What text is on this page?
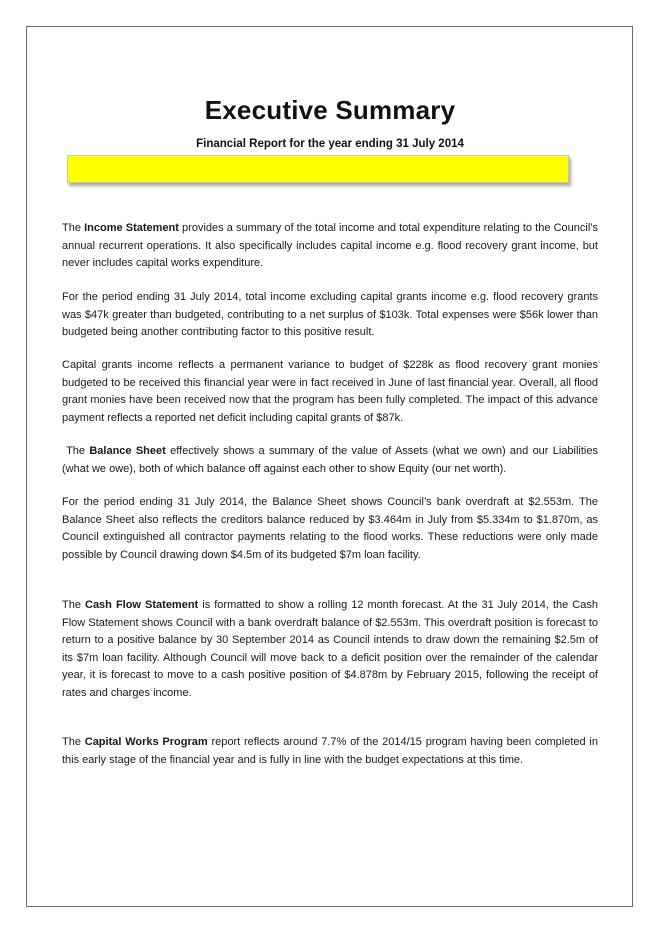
Executive Summary
Financial Report for the year ending 31 July 2014

The Income Statement provides a summary of the total income and total expenditure relating to the Council’s annual recurrent operations. It also specifically includes capital income e.g. flood recovery grant income, but never includes capital works expenditure.

For the period ending 31 July 2014, total income excluding capital grants income e.g. flood recovery grants was $47k greater than budgeted, contributing to a net surplus of $103k. Total expenses were $56k lower than budgeted being another contributing factor to this positive result.

Capital grants income reflects a permanent variance to budget of $228k as flood recovery grant monies budgeted to be received this financial year were in fact received in June of last financial year. Overall, all flood grant monies have been received now that the program has been fully completed. The impact of this advance payment reflects a reported net deficit including capital grants of $87k.

The Balance Sheet effectively shows a summary of the value of Assets (what we own) and our Liabilities (what we owe), both of which balance off against each other to show Equity (our net worth).

For the period ending 31 July 2014, the Balance Sheet shows Council’s bank overdraft at $2.553m. The Balance Sheet also reflects the creditors balance reduced by $3.464m in July from $5.334m to $1.870m, as Council extinguished all contractor payments relating to the flood works. These reductions were only made possible by Council drawing down $4.5m of its budgeted $7m loan facility.

The Cash Flow Statement is formatted to show a rolling 12 month forecast. At the 31 July 2014, the Cash Flow Statement shows Council with a bank overdraft balance of $2.553m. This overdraft position is forecast to return to a positive balance by 30 September 2014 as Council intends to draw down the remaining $2.5m of its $7m loan facility. Although Council will move back to a deficit position over the remainder of the calendar year, it is forecast to move to a cash positive position of $4.878m by February 2015, following the receipt of rates and charges income.

The Capital Works Program report reflects around 7.7% of the 2014/15 program having been completed in this early stage of the financial year and is fully in line with the budget expectations at this time.
